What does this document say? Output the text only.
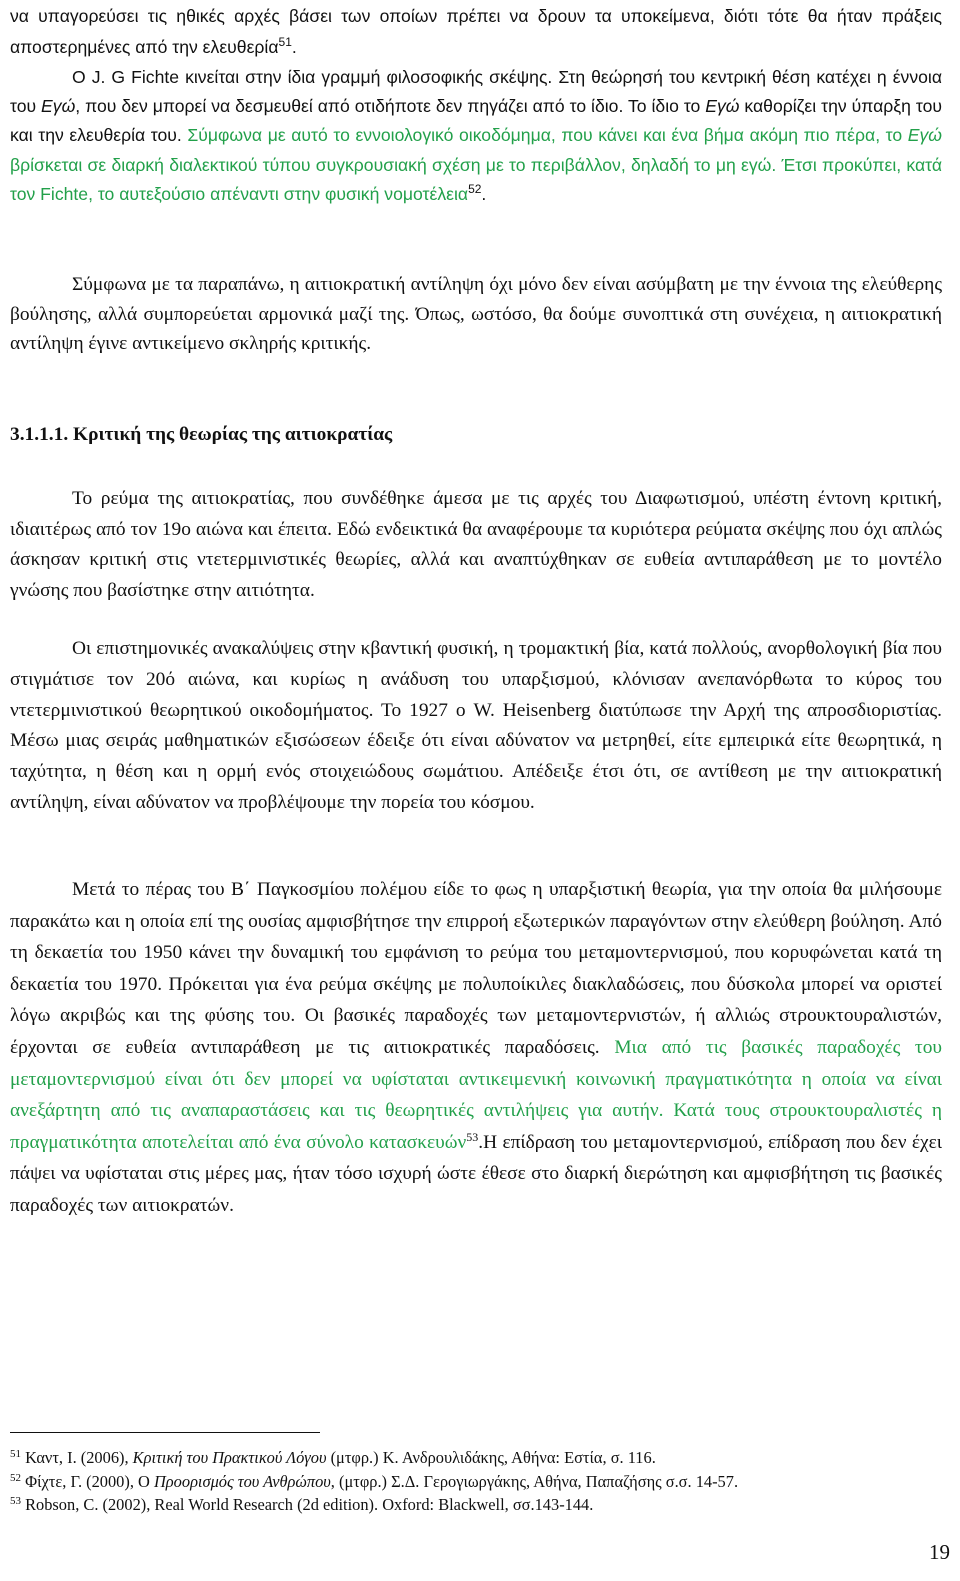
να υπαγορεύσει τις ηθικές αρχές βάσει των οποίων πρέπει να δρουν τα υποκείμενα, διότι τότε θα ήταν πράξεις αποστερημένες από την ελευθερία$^{51}$.

O J. G Fichte κινείται στην ίδια γραμμή φιλοσοφικής σκέψης. Στη θεώρησή του κεντρική θέση κατέχει η έννοια του Εγώ, που δεν μπορεί να δεσμευθεί από οτιδήποτε δεν πηγάζει από το ίδιο. Το ίδιο το Εγώ καθορίζει την ύπαρξη του και την ελευθερία του. Σύμφωνα με αυτό το εννοιολογικό οικοδόμημα, που κάνει και ένα βήμα ακόμη πιο πέρα, το Εγώ βρίσκεται σε διαρκή διαλεκτικού τύπου συγκρουσιακή σχέση με το περιβάλλον, δηλαδή το μη εγώ. Έτσι προκύπει, κατά τον Fichte, το αυτεξούσιο απέναντι στην φυσική νομοτέλεια$^{52}$.

Σύμφωνα με τα παραπάνω, η αιτιοκρατική αντίληψη όχι μόνο δεν είναι ασύμβατη με την έννοια της ελεύθερης βούλησης, αλλά συμπορεύεται αρμονικά μαζί της. Όπως, ωστόσο, θα δούμε συνοπτικά στη συνέχεια, η αιτιοκρατική αντίληψη έγινε αντικείμενο σκληρής κριτικής.

3.1.1.1. Κριτική της θεωρίας της αιτιοκρατίας

Το ρεύμα της αιτιοκρατίας, που συνδέθηκε άμεσα με τις αρχές του Διαφωτισμού, υπέστη έντονη κριτική, ιδιαιτέρως από τον 19ο αιώνα και έπειτα. Εδώ ενδεικτικά θα αναφέρουμε τα κυριότερα ρεύματα σκέψης που όχι απλώς άσκησαν κριτική στις ντετερμινιστικές θεωρίες, αλλά και αναπτύχθηκαν σε ευθεία αντιπαράθεση με το μοντέλο γνώσης που βασίστηκε στην αιτιότητα.

Οι επιστημονικές ανακαλύψεις στην κβαντική φυσική, η τρομακτική βία, κατά πολλούς, ανορθολογική βία που στιγμάτισε τον 20ό αιώνα, και κυρίως η ανάδυση του υπαρξισμού, κλόνισαν ανεπανόρθωτα το κύρος του ντετερμινιστικού θεωρητικού οικοδομήματος. Το 1927 ο W. Heisenberg διατύπωσε την Αρχή της απροσδιοριστίας. Μέσω μιας σειράς μαθηματικών εξισώσεων έδειξε ότι είναι αδύνατον να μετρηθεί, είτε εμπειρικά είτε θεωρητικά, η ταχύτητα, η θέση και η ορμή ενός στοιχειώδους σωμάτιου. Απέδειξε έτσι ότι, σε αντίθεση με την αιτιοκρατική αντίληψη, είναι αδύνατον να προβλέψουμε την πορεία του κόσμου.

Μετά το πέρας του Β΄ Παγκοσμίου πολέμου είδε το φως η υπαρξιστική θεωρία, για την οποία θα μιλήσουμε παρακάτω και η οποία επί της ουσίας αμφισβήτησε την επιρροή εξωτερικών παραγόντων στην ελεύθερη βούληση. Από τη δεκαετία του 1950 κάνει την δυναμική του εμφάνιση το ρεύμα του μεταμοντερνισμού, που κορυφώνεται κατά τη δεκαετία του 1970. Πρόκειται για ένα ρεύμα σκέψης με πολυποίκιλες διακλαδώσεις, που δύσκολα μπορεί να οριστεί λόγω ακριβώς και της φύσης του. Οι βασικές παραδοχές των μεταμοντερνιστών, ή αλλιώς στρουκτουραλιστών, έρχονται σε ευθεία αντιπαράθεση με τις αιτιοκρατικές παραδόσεις. Μια από τις βασικές παραδοχές του μεταμοντερνισμού είναι ότι δεν μπορεί να υφίσταται αντικειμενική κοινωνική πραγματικότητα η οποία να είναι ανεξάρτητη από τις αναπαραστάσεις και τις θεωρητικές αντιλήψεις για αυτήν. Κατά τους στρουκτουραλιστές η πραγματικότητα αποτελείται από ένα σύνολο κατασκευών$^{53}$.Η επίδραση του μεταμοντερνισμού, επίδραση που δεν έχει πάψει να υφίσταται στις μέρες μας, ήταν τόσο ισχυρή ώστε έθεσε στο διαρκή διερώτηση και αμφισβήτηση τις βασικές παραδοχές των αιτιοκρατών.

$^{51}$ Καντ, Ι. (2006), Κριτική του Πρακτικού Λόγου (μτφρ.) Κ. Ανδρουλιδάκης, Αθήνα: Εστία, σ. 116.

$^{52}$ Φίχτε, Γ. (2000), Ο Προορισμός του Ανθρώπου, (μτφρ.) Σ.Δ. Γερογιωργάκης, Αθήνα, Παπαζήσης σ.σ. 14-57.

$^{53}$ Robson, C. (2002), Real World Research (2d edition). Oxford: Blackwell, σσ.143-144.

19
